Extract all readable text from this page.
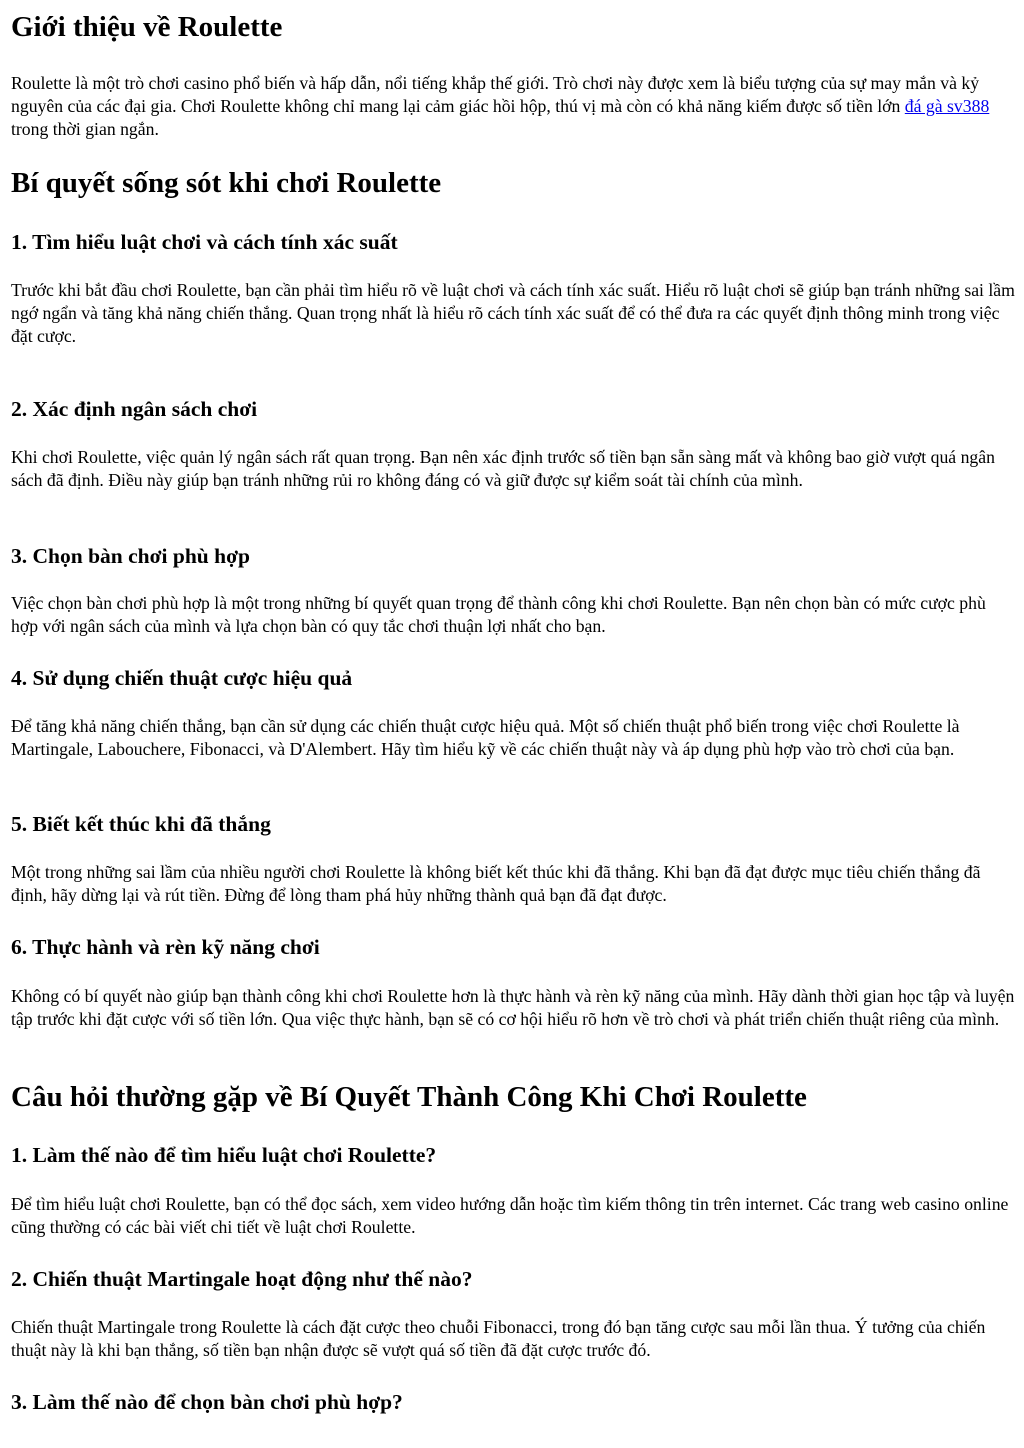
Giới thiệu về Roulette

Roulette là một trò chơi casino phổ biến và hấp dẫn, nổi tiếng khắp thế giới. Trò chơi này được xem là biểu tượng của sự may mắn và kỷ nguyên của các đại gia. Chơi Roulette không chỉ mang lại cảm giác hồi hộp, thú vị mà còn có khả năng kiếm được số tiền lớn đá gà sv388 trong thời gian ngắn.

Bí quyết sống sót khi chơi Roulette
1. Tìm hiểu luật chơi và cách tính xác suất

Trước khi bắt đầu chơi Roulette, bạn cần phải tìm hiểu rõ về luật chơi và cách tính xác suất. Hiểu rõ luật chơi sẽ giúp bạn tránh những sai lầm ngớ ngẩn và tăng khả năng chiến thắng. Quan trọng nhất là hiểu rõ cách tính xác suất để có thể đưa ra các quyết định thông minh trong việc đặt cược.

2. Xác định ngân sách chơi

Khi chơi Roulette, việc quản lý ngân sách rất quan trọng. Bạn nên xác định trước số tiền bạn sẵn sàng mất và không bao giờ vượt quá ngân sách đã định. Điều này giúp bạn tránh những rủi ro không đáng có và giữ được sự kiểm soát tài chính của mình.

3. Chọn bàn chơi phù hợp

Việc chọn bàn chơi phù hợp là một trong những bí quyết quan trọng để thành công khi chơi Roulette. Bạn nên chọn bàn có mức cược phù hợp với ngân sách của mình và lựa chọn bàn có quy tắc chơi thuận lợi nhất cho bạn.

4. Sử dụng chiến thuật cược hiệu quả

Để tăng khả năng chiến thắng, bạn cần sử dụng các chiến thuật cược hiệu quả. Một số chiến thuật phổ biến trong việc chơi Roulette là Martingale, Labouchere, Fibonacci, và D'Alembert. Hãy tìm hiểu kỹ về các chiến thuật này và áp dụng phù hợp vào trò chơi của bạn.

5. Biết kết thúc khi đã thắng

Một trong những sai lầm của nhiều người chơi Roulette là không biết kết thúc khi đã thắng. Khi bạn đã đạt được mục tiêu chiến thắng đã định, hãy dừng lại và rút tiền. Đừng để lòng tham phá hủy những thành quả bạn đã đạt được.

6. Thực hành và rèn kỹ năng chơi

Không có bí quyết nào giúp bạn thành công khi chơi Roulette hơn là thực hành và rèn kỹ năng của mình. Hãy dành thời gian học tập và luyện tập trước khi đặt cược với số tiền lớn. Qua việc thực hành, bạn sẽ có cơ hội hiểu rõ hơn về trò chơi và phát triển chiến thuật riêng của mình.

Câu hỏi thường gặp về Bí Quyết Thành Công Khi Chơi Roulette
1. Làm thế nào để tìm hiểu luật chơi Roulette?

Để tìm hiểu luật chơi Roulette, bạn có thể đọc sách, xem video hướng dẫn hoặc tìm kiếm thông tin trên internet. Các trang web casino online cũng thường có các bài viết chi tiết về luật chơi Roulette.

2. Chiến thuật Martingale hoạt động như thế nào?

Chiến thuật Martingale trong Roulette là cách đặt cược theo chuỗi Fibonacci, trong đó bạn tăng cược sau mỗi lần thua. Ý tưởng của chiến thuật này là khi bạn thắng, số tiền bạn nhận được sẽ vượt quá số tiền đã đặt cược trước đó.

3. Làm thế nào để chọn bàn chơi phù hợp?
